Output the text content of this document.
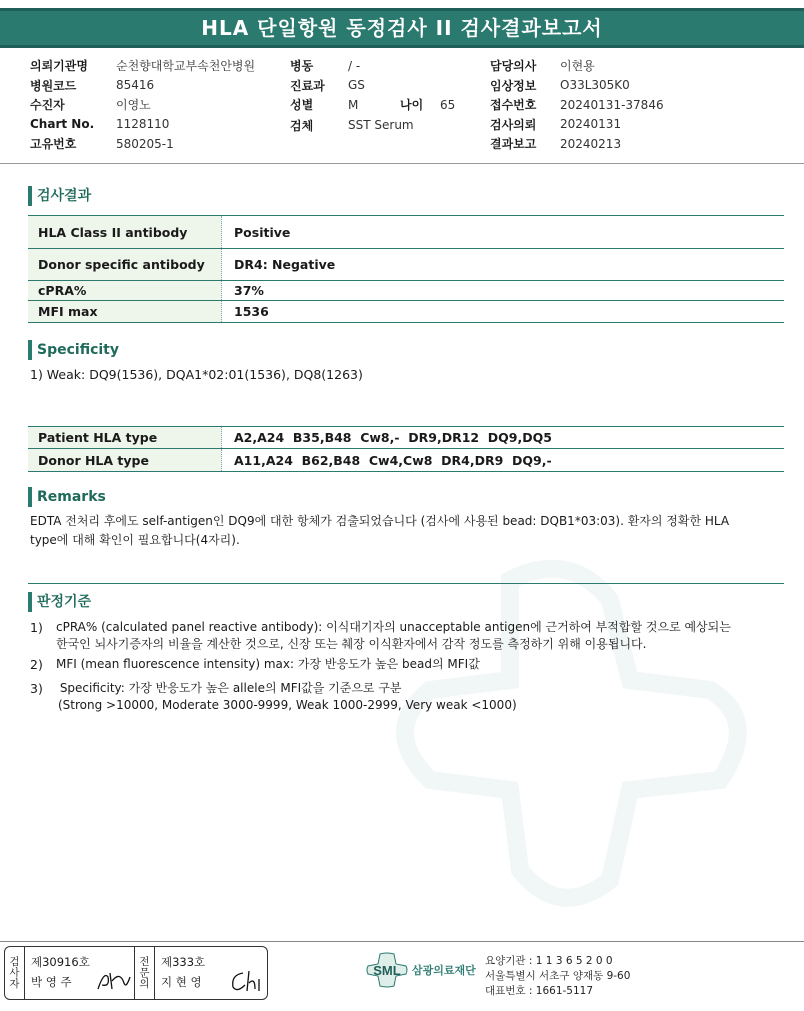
HLA 단일항원 동정검사 II 검사결과보고서
의뢰기관명	순천향대학교부속천안병원
병원코드	85416
수진자	이영노
Chart No.	1128110
고유번호	580205-1
병동	/ -
진료과	GS
성별	M	나이	65
검체	SST Serum
담당의사	이현용
임상정보	O33L305K0
접수번호	20240131-37846
검사의뢰	20240131
결과보고	20240213
검사결과
HLA Class II antibody	Positive
Donor specific antibody	DR4: Negative
cPRA%	37%
MFI max	1536
Specificity
1) Weak: DQ9(1536), DQA1*02:01(1536), DQ8(1263)
Patient HLA type	A2,A24  B35,B48  Cw8,-  DR9,DR12  DQ9,DQ5
Donor HLA type	A11,A24  B62,B48  Cw4,Cw8  DR4,DR9  DQ9,-
Remarks
EDTA 전처리 후에도 self-antigen인 DQ9에 대한 항체가 검출되었습니다 (검사에 사용된 bead: DQB1*03:03). 환자의 정확한 HLA
type에 대해 확인이 필요합니다(4자리).
판정기준
1)	cPRA% (calculated panel reactive antibody): 이식대기자의 unacceptable antigen에 근거하여 부적합할 것으로 예상되는
한국인 뇌사기증자의 비율을 계산한 것으로, 신장 또는 췌장 이식환자에서 감작 정도를 측정하기 위해 이용됩니다.
2)	MFI (mean fluorescence intensity) max: 가장 반응도가 높은 bead의 MFI값
3)	Specificity: 가장 반응도가 높은 allele의 MFI값을 기준으로 구분
(Strong >10000, Moderate 3000-9999, Weak 1000-2999, Very weak <1000)
검
사
자
제30916호
박 영 주
전
문
의
제333호
지 현 영
SML 삼광의료재단
요양기관 : 1 1 3 6 5 2 0 0
서울특별시 서초구 양재동 9-60
대표번호 : 1661-5117
